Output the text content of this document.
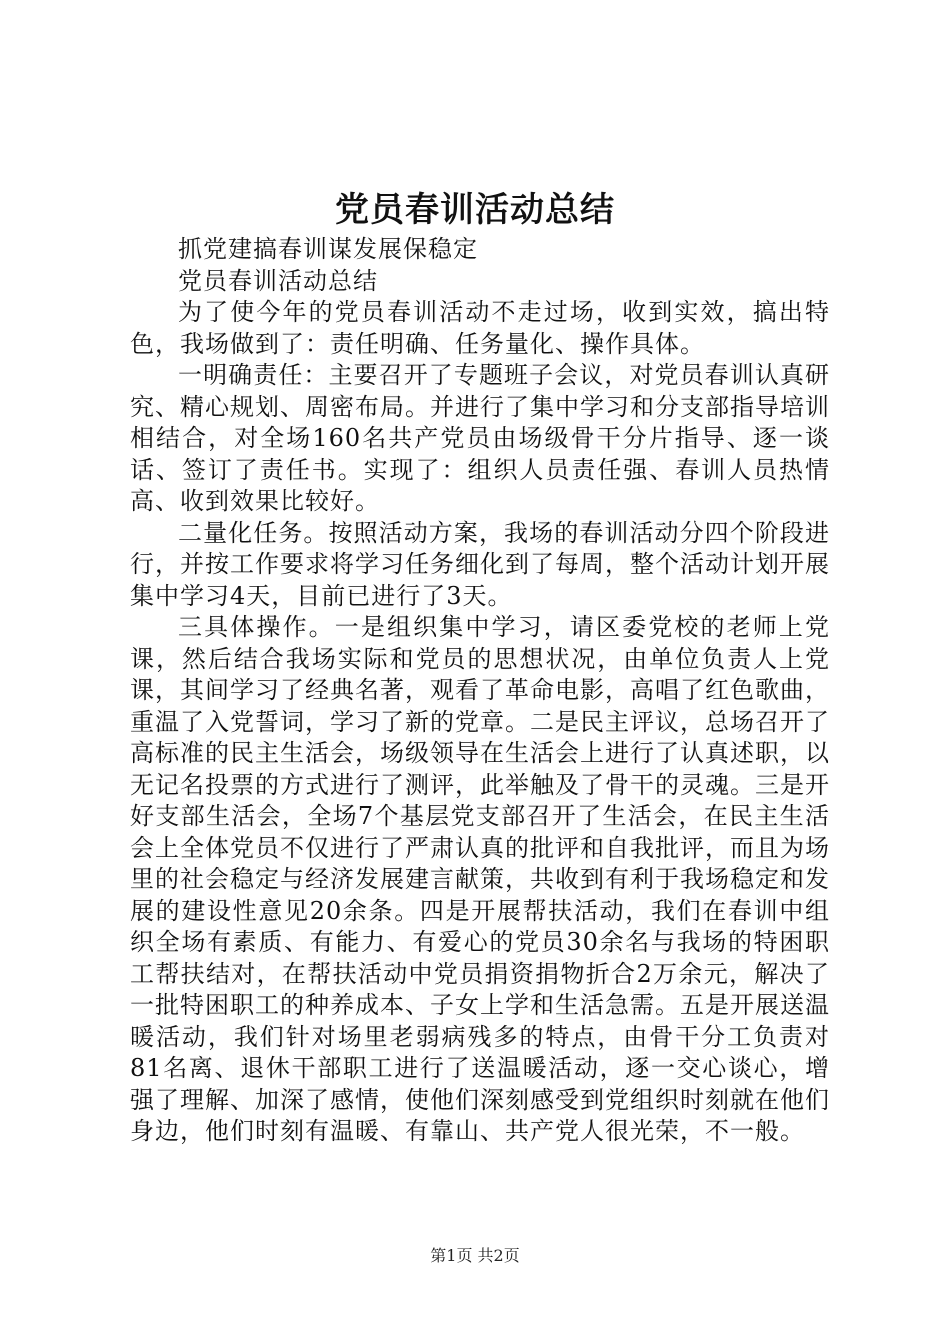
党员春训活动总结

抓党建搞春训谋发展保稳定

党员春训活动总结

为了使今年的党员春训活动不走过场，收到实效，搞出特色，我场做到了：责任明确、任务量化、操作具体。

一明确责任：主要召开了专题班子会议，对党员春训认真研究、精心规划、周密布局。并进行了集中学习和分支部指导培训相结合，对全场160名共产党员由场级骨干分片指导、逐一谈话、签订了责任书。实现了：组织人员责任强、春训人员热情高、收到效果比较好。

二量化任务。按照活动方案，我场的春训活动分四个阶段进行，并按工作要求将学习任务细化到了每周，整个活动计划开展集中学习4天，目前已进行了3天。

三具体操作。一是组织集中学习，请区委党校的老师上党课，然后结合我场实际和党员的思想状况，由单位负责人上党课，其间学习了经典名著，观看了革命电影，高唱了红色歌曲，重温了入党誓词，学习了新的党章。二是民主评议，总场召开了高标准的民主生活会，场级领导在生活会上进行了认真述职，以无记名投票的方式进行了测评，此举触及了骨干的灵魂。三是开好支部生活会，全场7个基层党支部召开了生活会，在民主生活会上全体党员不仅进行了严肃认真的批评和自我批评，而且为场里的社会稳定与经济发展建言献策，共收到有利于我场稳定和发展的建设性意见20余条。四是开展帮扶活动，我们在春训中组织全场有素质、有能力、有爱心的党员30余名与我场的特困职工帮扶结对，在帮扶活动中党员捐资捐物折合2万余元，解决了一批特困职工的种养成本、子女上学和生活急需。五是开展送温暖活动，我们针对场里老弱病残多的特点，由骨干分工负责对81名离、退休干部职工进行了送温暖活动，逐一交心谈心，增强了理解、加深了感情，使他们深刻感受到党组织时刻就在他们身边，他们时刻有温暖、有靠山、共产党人很光荣，不一般。

第1页 共2页
